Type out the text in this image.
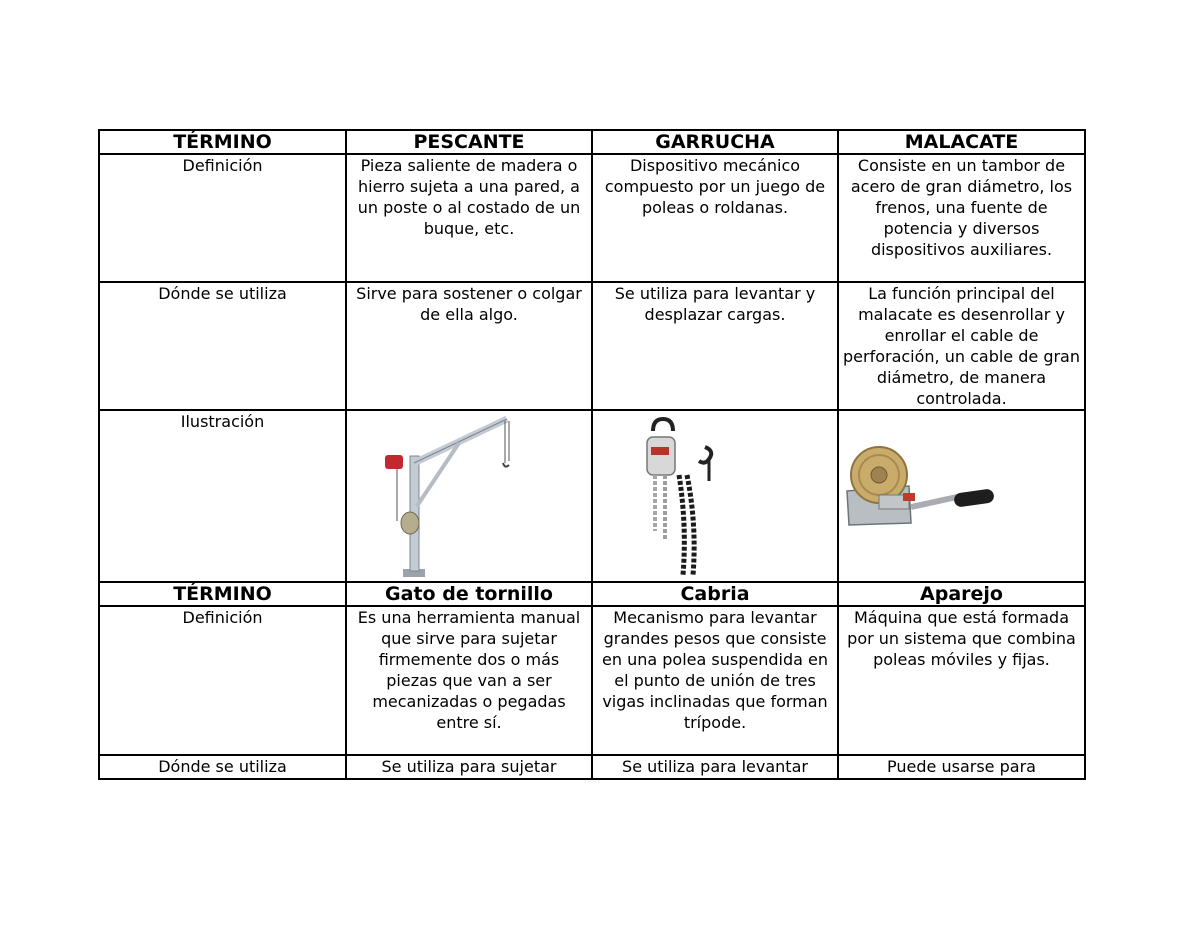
TÉRMINO	PESCANTE	GARRUCHA	MALACATE
Definición	Pieza saliente de madera o hierro sujeta a una pared, a un poste o al costado de un buque, etc.	Dispositivo mecánico compuesto por un juego de poleas o roldanas.	Consiste en un tambor de acero de gran diámetro, los frenos, una fuente de potencia y diversos dispositivos auxiliares.
Dónde se utiliza	Sirve para sostener o colgar de ella algo.	Se utiliza para levantar y desplazar cargas.	La función principal del malacate es desenrollar y enrollar el cable de perforación, un cable de gran diámetro, de manera controlada.
Ilustración	

TÉRMINO	Gato de tornillo	Cabria	Aparejo
Definición	Es una herramienta manual que sirve para sujetar firmemente dos o más piezas que van a ser mecanizadas o pegadas entre sí.	Mecanismo para levantar grandes pesos que consiste en una polea suspendida en el punto de unión de tres vigas inclinadas que forman trípode.	Máquina que está formada por un sistema que combina poleas móviles y fijas.
Dónde se utiliza	Se utiliza para sujetar	Se utiliza para levantar	Puede usarse para
